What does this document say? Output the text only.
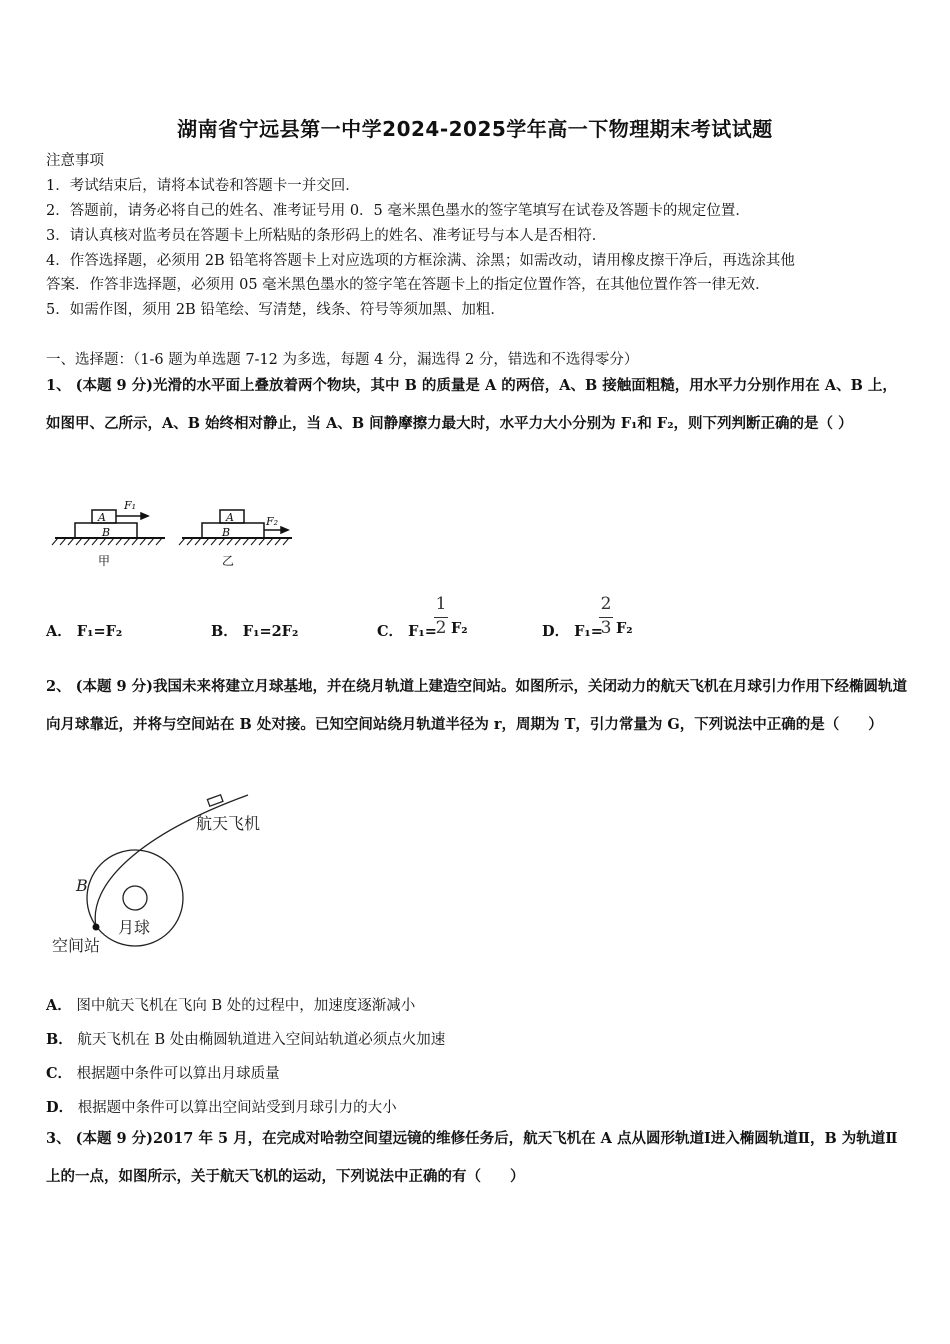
湖南省宁远县第一中学2024-2025学年高一下物理期末考试试题
注意事项
1．考试结束后，请将本试卷和答题卡一并交回．
2．答题前，请务必将自己的姓名、准考证号用 0．5 毫米黑色墨水的签字笔填写在试卷及答题卡的规定位置．
3．请认真核对监考员在答题卡上所粘贴的条形码上的姓名、准考证号与本人是否相符．
4．作答选择题，必须用 2B 铅笔将答题卡上对应选项的方框涂满、涂黑；如需改动，请用橡皮擦干净后，再选涂其他
答案．作答非选择题，必须用 05 毫米黑色墨水的签字笔在答题卡上的指定位置作答，在其他位置作答一律无效．
5．如需作图，须用 2B 铅笔绘、写清楚，线条、符号等须加黑、加粗．
一、选择题：（1-6 题为单选题 7-12 为多选，每题 4 分，漏选得 2 分，错选和不选得零分）
1、 (本题 9 分)光滑的水平面上叠放着两个物块，其中 B 的质量是 A 的两倍，A、B 接触面粗糙，用水平力分别作用在 A、B 上，如图甲、乙所示，A、B 始终相对静止，当 A、B 间静摩擦力最大时，水平力大小分别为 F₁和 F₂，则下列判断正确的是（ ）
A
B
F₁
A
B
F₂
甲	乙
A． F₁=F₂	B． F₁=2F₂	C． F₁=
1
2 F₂	D． F₁=
2
3 F₂
2、 (本题 9 分)我国未来将建立月球基地，并在绕月轨道上建造空间站。如图所示，关闭动力的航天飞机在月球引力作用下经椭圆轨道向月球靠近，并将与空间站在 B 处对接。已知空间站绕月轨道半径为 r，周期为 T，引力常量为 G，下列说法中正确的是（　　）
航天飞机
B
月球
空间站
A． 图中航天飞机在飞向 B 处的过程中，加速度逐渐减小
B． 航天飞机在 B 处由椭圆轨道进入空间站轨道必须点火加速
C． 根据题中条件可以算出月球质量
D． 根据题中条件可以算出空间站受到月球引力的大小
3、 (本题 9 分)2017 年 5 月，在完成对哈勃空间望远镜的维修任务后，航天飞机在 A 点从圆形轨道Ⅰ进入椭圆轨道Ⅱ，B 为轨道Ⅱ上的一点，如图所示，关于航天飞机的运动，下列说法中正确的有（　　）
